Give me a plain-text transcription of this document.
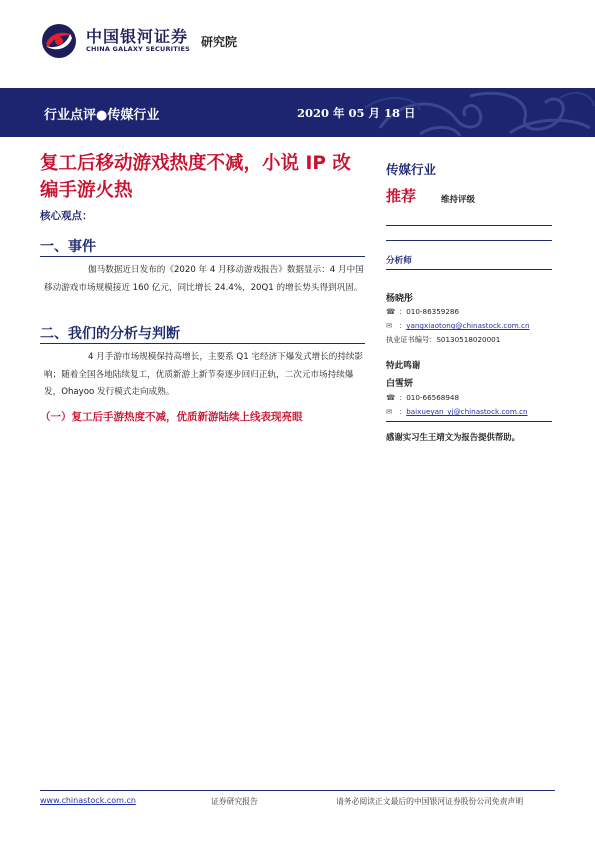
中国银河证券
CHINA GALAXY SECURITIES 研究院
行业点评●传媒行业	2020 年 05 月 18 日
复工后移动游戏热度不减，小说 IP 改编手游火热
核心观点：
一、事件
伽马数据近日发布的《2020 年 4 月移动游戏报告》数据显示：4 月中国移动游戏市场规模接近 160 亿元，同比增长 24.4%，20Q1 的增长势头得到巩固。
二、我们的分析与判断
4 月手游市场规模保持高增长，主要系 Q1 宅经济下爆发式增长的持续影响；随着全国各地陆续复工，优质新游上新节奏逐步回归正轨，二次元市场持续爆发，Ohayoo 发行模式走向成熟。
（一）复工后手游热度不减，优质新游陆续上线表现亮眼
传媒行业
推荐	维持评级
分析师
杨晓彤
☎ ：010-86359286
✉ ：yangxiaotong@chinastock.com.cn
执业证书编号：S0130518020001
特此鸣谢
白雪妍
☎ ：010-66568948
✉ ：baixueyan_yj@chinastock.com.cn
感谢实习生王靖文为报告提供帮助。
www.chinastock.com.cn	证券研究报告	请务必阅读正文最后的中国银河证券股份公司免责声明
